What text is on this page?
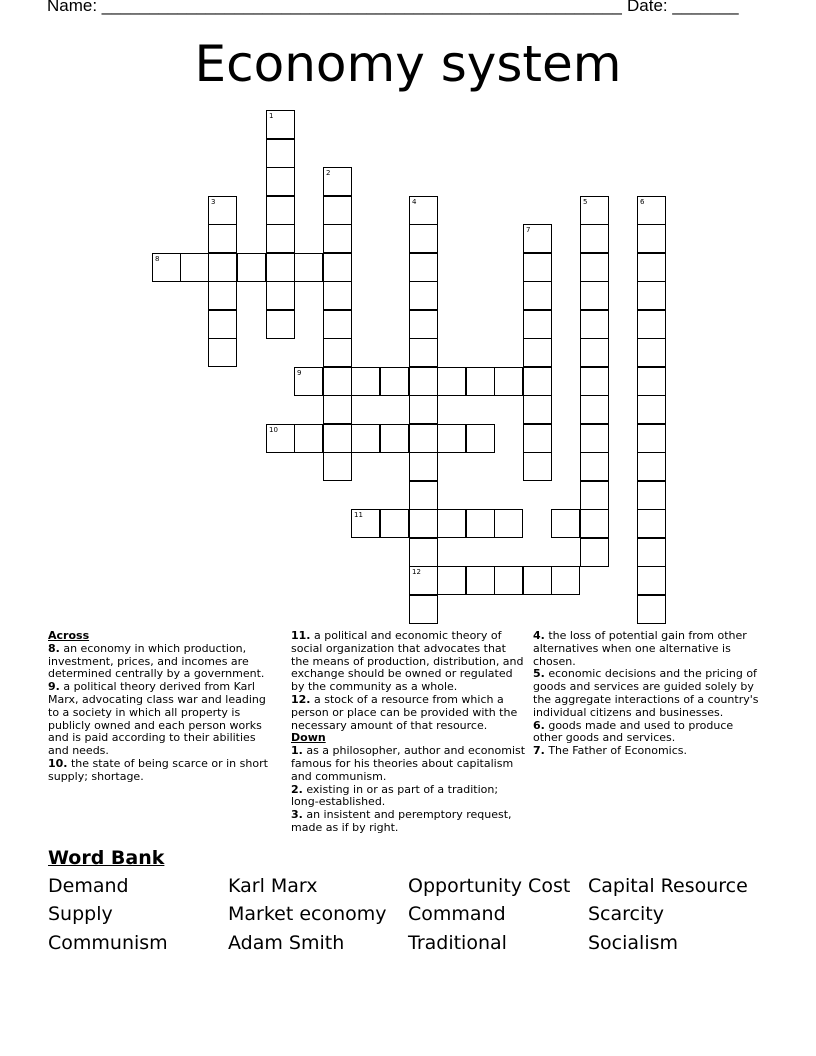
Name: _______________________________________________________ Date: _______
Economy system
1
2
3	4
12
5	6
7
8
9
10
11
Across
8. an economy in which production, investment, prices, and incomes are determined centrally by a government.
9. a political theory derived from Karl Marx, advocating class war and leading to a society in which all property is publicly owned and each person works and is paid according to their abilities and needs.
10. the state of being scarce or in short supply; shortage.
11. a political and economic theory of social organization that advocates that the means of production, distribution, and exchange should be owned or regulated by the community as a whole.
12. a stock of a resource from which a person or place can be provided with the necessary amount of that resource.
Down
1. as a philosopher, author and economist famous for his theories about capitalism and communism.
2. existing in or as part of a tradition; long-established.
3. an insistent and peremptory request, made as if by right.
4. the loss of potential gain from other alternatives when one alternative is chosen.
5. economic decisions and the pricing of goods and services are guided solely by the aggregate interactions of a country's individual citizens and businesses.
6. goods made and used to produce other goods and services.
7. The Father of Economics.
Word Bank
Demand
Supply
Communism
Karl Marx
Market economy
Adam Smith
Opportunity Cost
Command
Traditional
Capital Resource
Scarcity
Socialism
